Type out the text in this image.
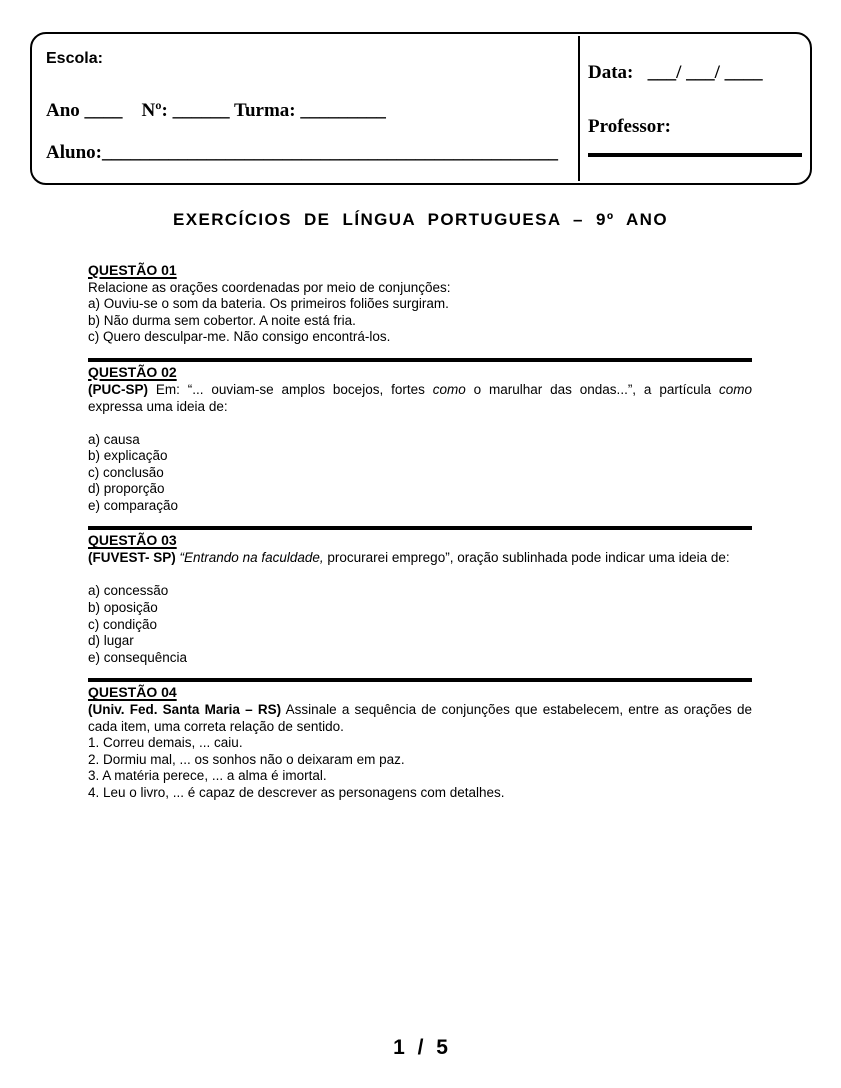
Escola:
Ano ____    Nº: ______ Turma: _________
Aluno:________________________________________________
Data:   ___/ ___/ ____
Professor:
EXERCÍCIOS DE LÍNGUA PORTUGUESA – 9º ANO
QUESTÃO 01

Relacione as orações coordenadas por meio de conjunções:

a) Ouviu-se o som da bateria. Os primeiros foliões surgiram.

b) Não durma sem cobertor. A noite está fria.

c) Quero desculpar-me. Não consigo encontrá-los.

QUESTÃO 02

(PUC-SP) Em: “... ouviam-se amplos bocejos, fortes como o marulhar das ondas...”, a partícula como expressa uma ideia de:

a) causa
b) explicação
c) conclusão
d) proporção
e) comparação
QUESTÃO 03

(FUVEST- SP) “Entrando na faculdade, procurarei emprego”, oração sublinhada pode indicar uma ideia de:

a) concessão
b) oposição
c) condição
d) lugar
e) consequência
QUESTÃO 04

(Univ. Fed. Santa Maria – RS) Assinale a sequência de conjunções que estabelecem, entre as orações de cada item, uma correta relação de sentido.

1. Correu demais, ... caiu.

2. Dormiu mal, ... os sonhos não o deixaram em paz.

3. A matéria perece, ... a alma é imortal.

4. Leu o livro, ... é capaz de descrever as personagens com detalhes.

1 / 5
